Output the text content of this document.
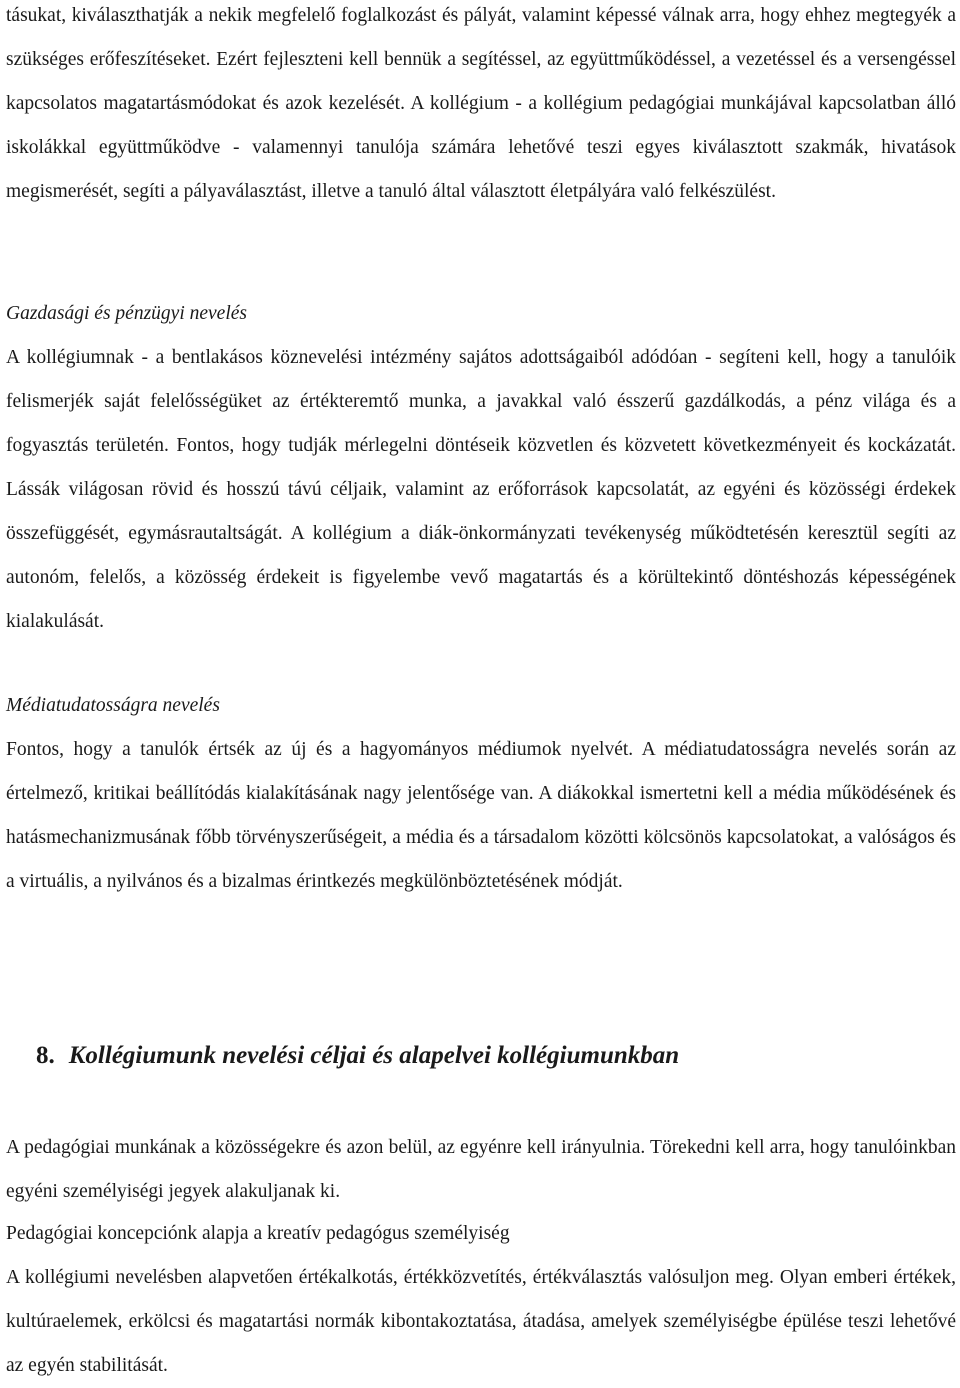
tásukat, kiválaszthatják a nekik megfelelő foglalkozást és pályát, valamint képessé válnak arra, hogy ehhez megtegyék a szükséges erőfeszítéseket. Ezért fejleszteni kell bennük a segítéssel, az együttműködéssel, a vezetéssel és a versengéssel kapcsolatos magatartásmódokat és azok kezelését. A kollégium - a kollégium pedagógiai munkájával kapcsolatban álló iskolákkal együttműködve - valamennyi tanulója számára lehetővé teszi egyes kiválasztott szakmák, hivatások megismerését, segíti a pályaválasztást, illetve a tanuló által választott életpályára való felkészülést.

Gazdasági és pénzügyi nevelés

A kollégiumnak - a bentlakásos köznevelési intézmény sajátos adottságaiból adódóan - segíteni kell, hogy a tanulóik felismerjék saját felelősségüket az értékteremtő munka, a javakkal való ésszerű gazdálkodás, a pénz világa és a fogyasztás területén. Fontos, hogy tudják mérlegelni döntéseik közvetlen és közvetett következményeit és kockázatát. Lássák világosan rövid és hosszú távú céljaik, valamint az erőforrások kapcsolatát, az egyéni és közösségi érdekek összefüggését, egymásrautaltságát. A kollégium a diák-önkormányzati tevékenység működtetésén keresztül segíti az autonóm, felelős, a közösség érdekeit is figyelembe vevő magatartás és a körültekintő döntéshozás képességének kialakulását.

Médiatudatosságra nevelés

Fontos, hogy a tanulók értsék az új és a hagyományos médiumok nyelvét. A médiatudatosságra nevelés során az értelmező, kritikai beállítódás kialakításának nagy jelentősége van. A diákokkal ismertetni kell a média működésének és hatásmechanizmusának főbb törvényszerűségeit, a média és a társadalom közötti kölcsönös kapcsolatokat, a valóságos és a virtuális, a nyilvános és a bizalmas érintkezés megkülönböztetésének módját.

8. Kollégiumunk nevelési céljai és alapelvei kollégiumunkban

A pedagógiai munkának a közösségekre és azon belül, az egyénre kell irányulnia. Törekedni kell arra, hogy tanulóinkban egyéni személyiségi jegyek alakuljanak ki.

Pedagógiai koncepciónk alapja a kreatív pedagógus személyiség

A kollégiumi nevelésben alapvetően értékalkotás, értékközvetítés, értékválasztás valósuljon meg. Olyan emberi értékek, kultúraelemek, erkölcsi és magatartási normák kibontakoztatása, átadása, amelyek személyiségbe épülése teszi lehetővé az egyén stabilitását.
